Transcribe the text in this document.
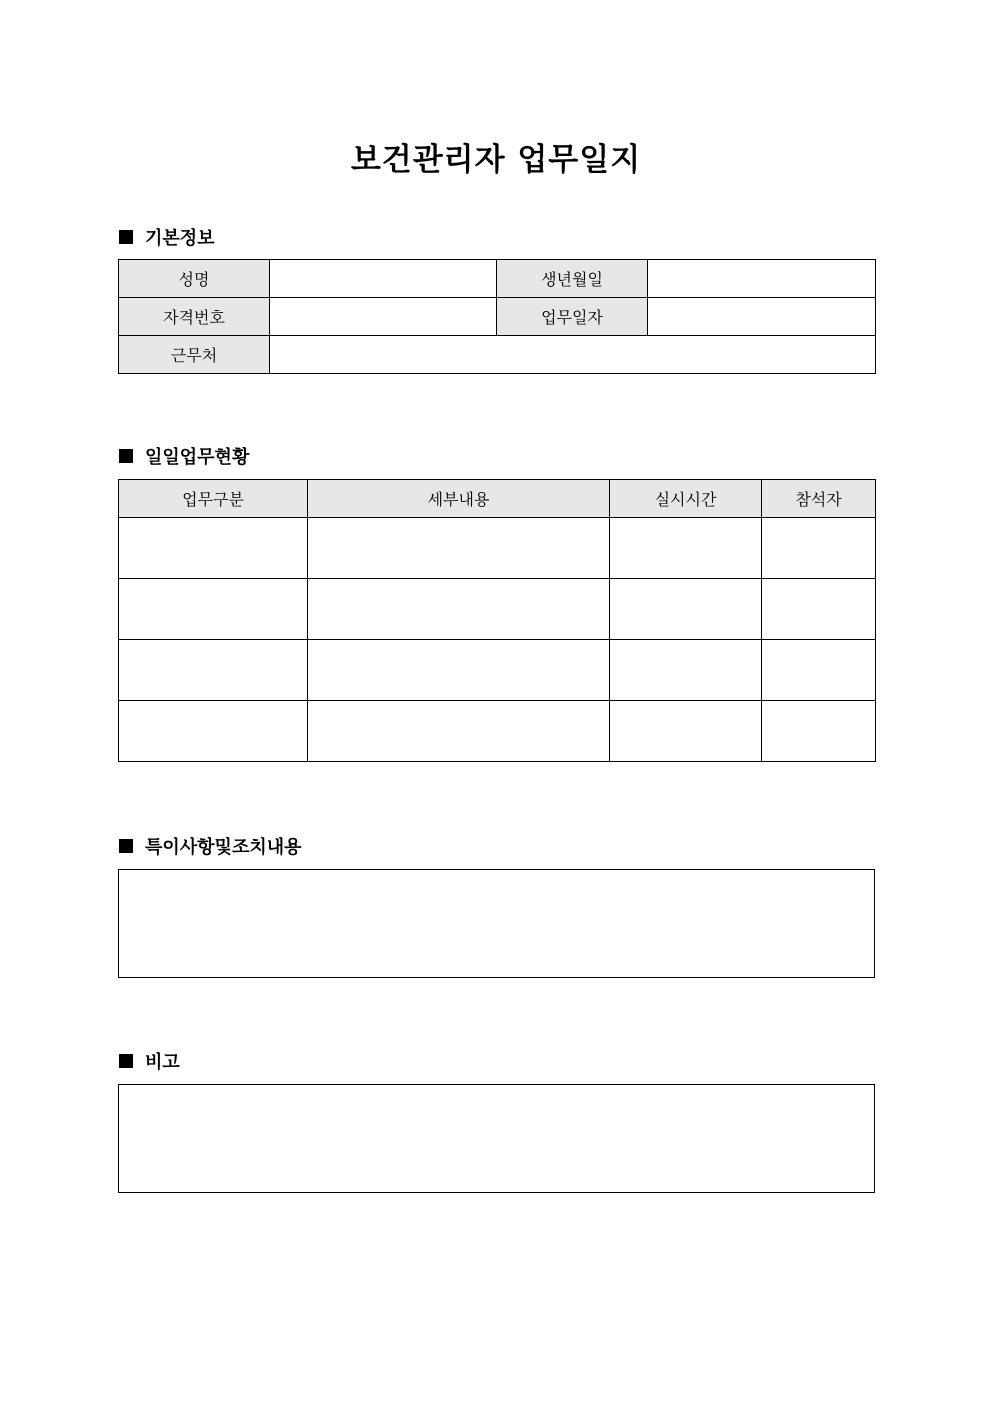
보건관리자 업무일지
기본정보
성명		생년월일	
자격번호		업무일자	
근무처			
일일업무현황
업무구분	세부내용	실시시간	참석자

특이사항및조치내용
비고
